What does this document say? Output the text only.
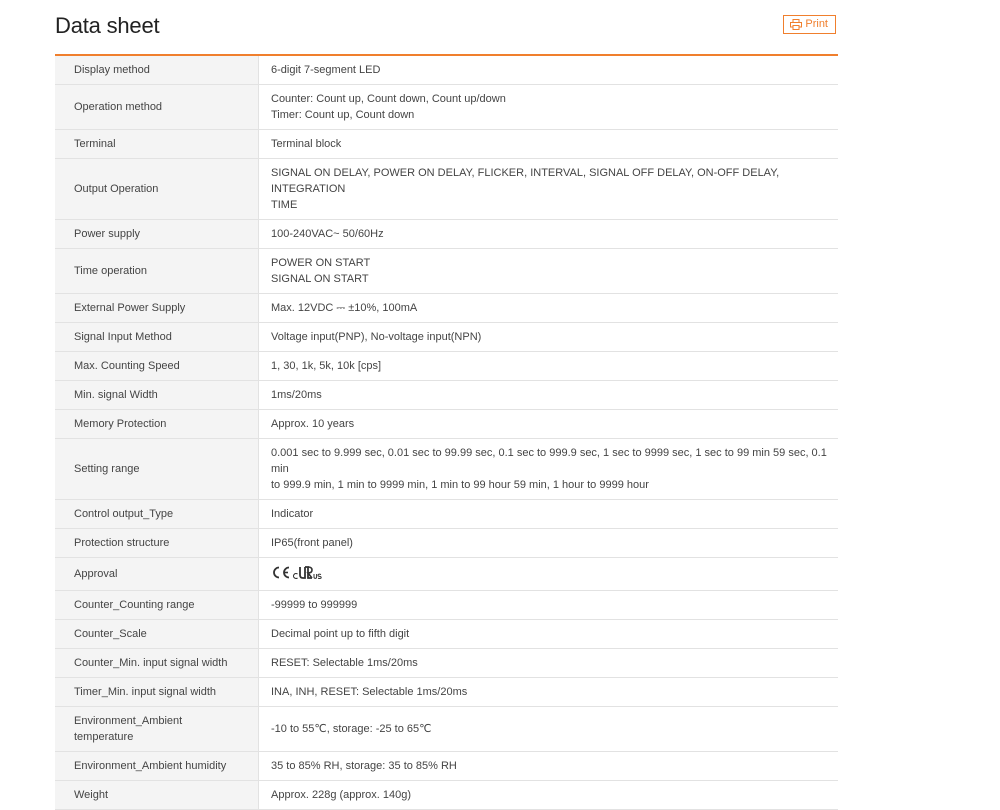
Data sheet	Print
Display method	6-digit 7-segment LED

Operation method	Counter: Count up, Count down, Count up/down
Timer: Count up, Count down

Terminal	Terminal block

Output Operation	SIGNAL ON DELAY, POWER ON DELAY, FLICKER, INTERVAL, SIGNAL OFF DELAY, ON-OFF DELAY, INTEGRATION
TIME

Power supply	100-240VAC~ 50/60Hz

Time operation	POWER ON START
SIGNAL ON START

External Power Supply	Max. 12VDC ⎓ ±10%, 100mA

Signal Input Method	Voltage input(PNP), No-voltage input(NPN)

Max. Counting Speed	1, 30, 1k, 5k, 10k [cps]

Min. signal Width	1ms/20ms

Memory Protection	Approx. 10 years

Setting range	0.001 sec to 9.999 sec, 0.01 sec to 99.99 sec, 0.1 sec to 999.9 sec, 1 sec to 9999 sec, 1 sec to 99 min 59 sec, 0.1 min
to 999.9 min, 1 min to 9999 min, 1 min to 99 hour 59 min, 1 hour to 9999 hour

Control output_Type	Indicator

Protection structure	IP65(front panel)

Approval

Counter_Counting range	-99999 to 999999

Counter_Scale	Decimal point up to fifth digit

Counter_Min. input signal width	RESET: Selectable 1ms/20ms

Timer_Min. input signal width	INA, INH, RESET: Selectable 1ms/20ms

Environment_Ambient
temperature	-10 to 55℃, storage: -25 to 65℃

Environment_Ambient humidity	35 to 85% RH, storage: 35 to 85% RH

Weight	Approx. 228g (approx. 140g)
